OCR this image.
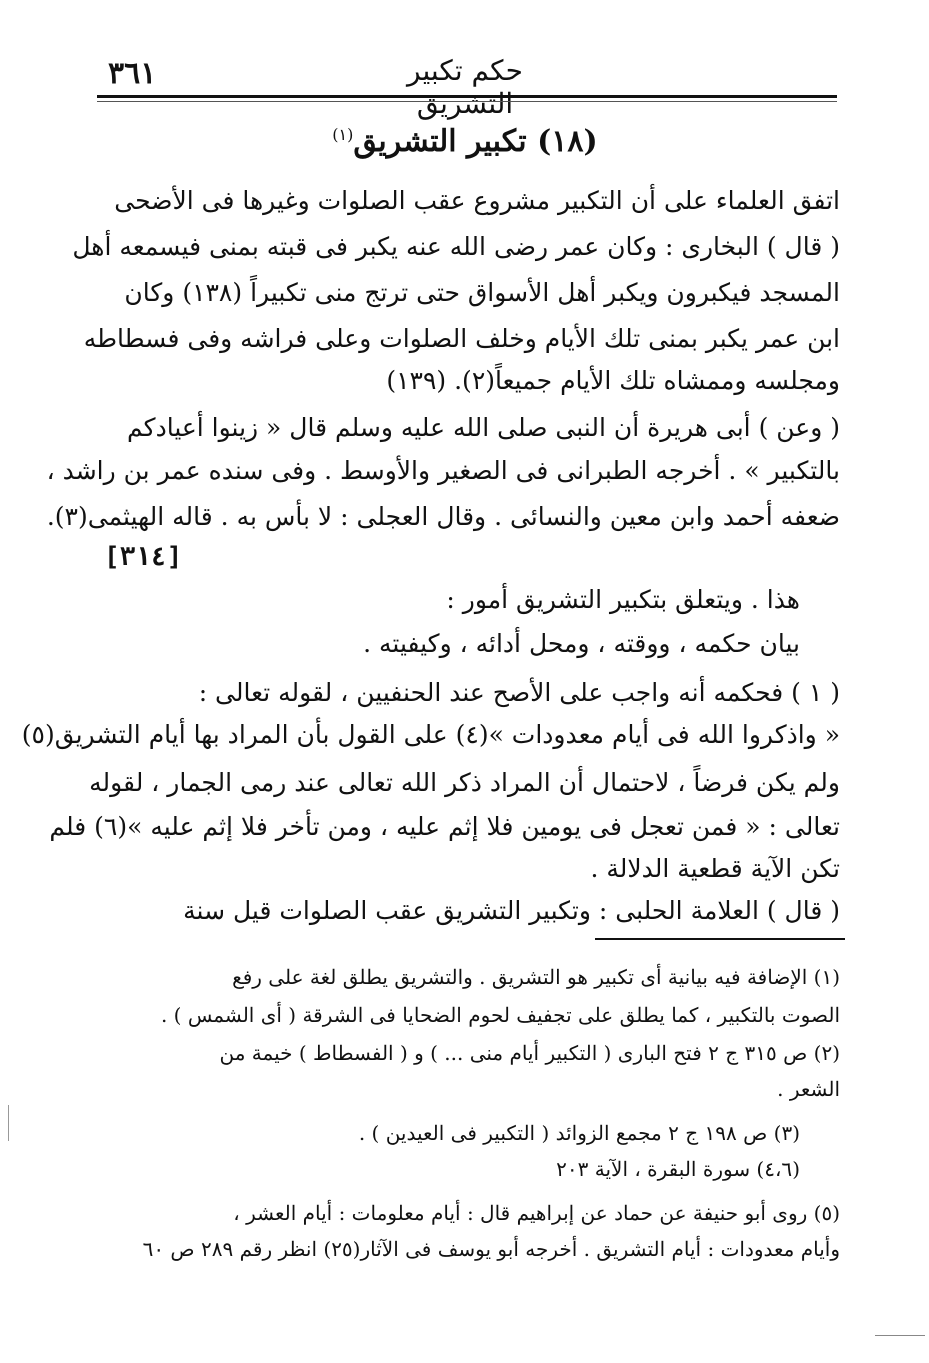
٣٦١	حكم تكبير التشريق
(١٨) تكبير التشريق$^{(١)}$
اتفق العلماء على أن التكبير مشروع عقب الصلوات وغيرها فى الأضحى
( قال ) البخارى : وكان عمر رضى الله عنه يكبر فى قبته بمنى فيسمعه أهل
المسجد فيكبرون ويكبر أهل الأسواق حتى ترتج منى تكبيراً (١٣٨) وكان
ابن عمر يكبر بمنى تلك الأيام وخلف الصلوات وعلى فراشه وفى فسطاطه
ومجلسه وممشاه تلك الأيام جميعاً(٢). (١٣٩)
( وعن ) أبى هريرة أن النبى صلى الله عليه وسلم قال « زينوا أعيادكم
بالتكبير » . أخرجه الطبرانى فى الصغير والأوسط . وفى سنده عمر بن راشد ،
ضعفه أحمد وابن معين والنسائى . وقال العجلى : لا بأس به . قاله الهيثمى(٣).
[٣١٤]
هذا . ويتعلق بتكبير التشريق أمور :
بيان حكمه ، ووقته ، ومحل أدائه ، وكيفيته .
( ١ ) فحكمه أنه واجب على الأصح عند الحنفيين ، لقوله تعالى :
« واذكروا الله فى أيام معدودات »(٤) على القول بأن المراد بها أيام التشريق(٥)
ولم يكن فرضاً ، لاحتمال أن المراد ذكر الله تعالى عند رمى الجمار ، لقوله
تعالى : « فمن تعجل فى يومين فلا إثم عليه ، ومن تأخر فلا إثم عليه »(٦) فلم
تكن الآية قطعية الدلالة .
( قال ) العلامة الحلبى : وتكبير التشريق عقب الصلوات قيل سنة
(١) الإضافة فيه بيانية أى تكبير هو التشريق . والتشريق يطلق لغة على رفع
الصوت بالتكبير ، كما يطلق على تجفيف لحوم الضحايا فى الشرقة ( أى الشمس ) .
(٢) ص ٣١٥ ج ٢ فتح البارى ( التكبير أيام منى ... ) و ( الفسطاط ) خيمة من
الشعر .
(٣) ص ١٩٨ ج ٢ مجمع الزوائد ( التكبير فى العيدين ) .
(٤،٦) سورة البقرة ، الآية ٢٠٣
(٥) روى أبو حنيفة عن حماد عن إبراهيم قال : أيام معلومات : أيام العشر ،
وأيام معدودات : أيام التشريق . أخرجه أبو يوسف فى الآثار(٢٥) انظر رقم ٢٨٩ ص ٦٠
